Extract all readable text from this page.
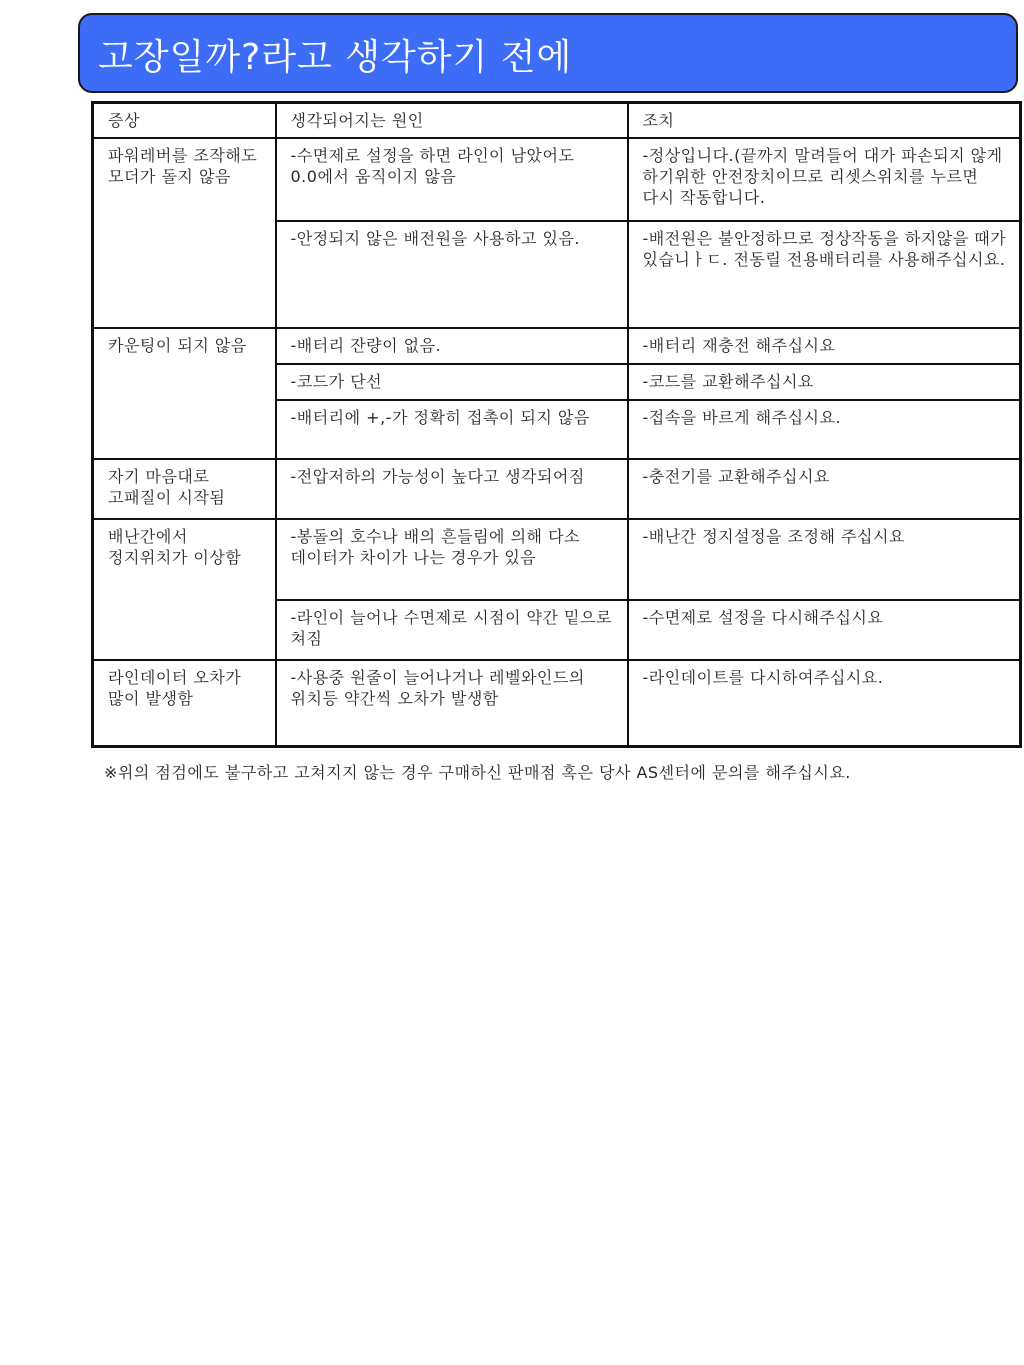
고장일까?라고 생각하기 전에
증상	생각되어지는 원인	조치
파워레버를 조작해도 모더가 돌지 않음	-수면제로 설정을 하면 라인이 남았어도 0.0에서 움직이지 않음	-정상입니다.(끝까지 말려들어 대가 파손되지 않게 하기위한 안전장치이므로 리셋스위치를 누르면 다시 작동합니다.
	-안정되지 않은 배전원을 사용하고 있음.	-배전원은 불안정하므로 정상작동을 하지않을 때가 있습니ㅏㄷ. 전동릴 전용배터리를 사용해주십시요.
카운팅이 되지 않음	-배터리 잔량이 없음.	-배터리 재충전 해주십시요
	-코드가 단선	-코드를 교환해주십시요
	-배터리에 +,-가 정확히 접촉이 되지 않음	-접속을 바르게 해주십시요.
자기 마음대로 고패질이 시작됨	-전압저하의 가능성이 높다고 생각되어짐	-충전기를 교환해주십시요
배난간에서 정지위치가 이상함	-봉돌의 호수나 배의 흔들림에 의해 다소 데이터가 차이가 나는 경우가 있음	-배난간 정지설정을 조정해 주십시요
	-라인이 늘어나 수면제로 시점이 약간 밑으로 쳐짐	-수면제로 설정을 다시해주십시요
라인데이터 오차가 많이 발생함	-사용중 원줄이 늘어나거나 레벨와인드의 위치등 약간씩 오차가 발생함	-라인데이트를 다시하여주십시요.
※위의 점검에도 불구하고 고쳐지지 않는 경우 구매하신 판매점 혹은 당사 AS센터에 문의를 해주십시요.
